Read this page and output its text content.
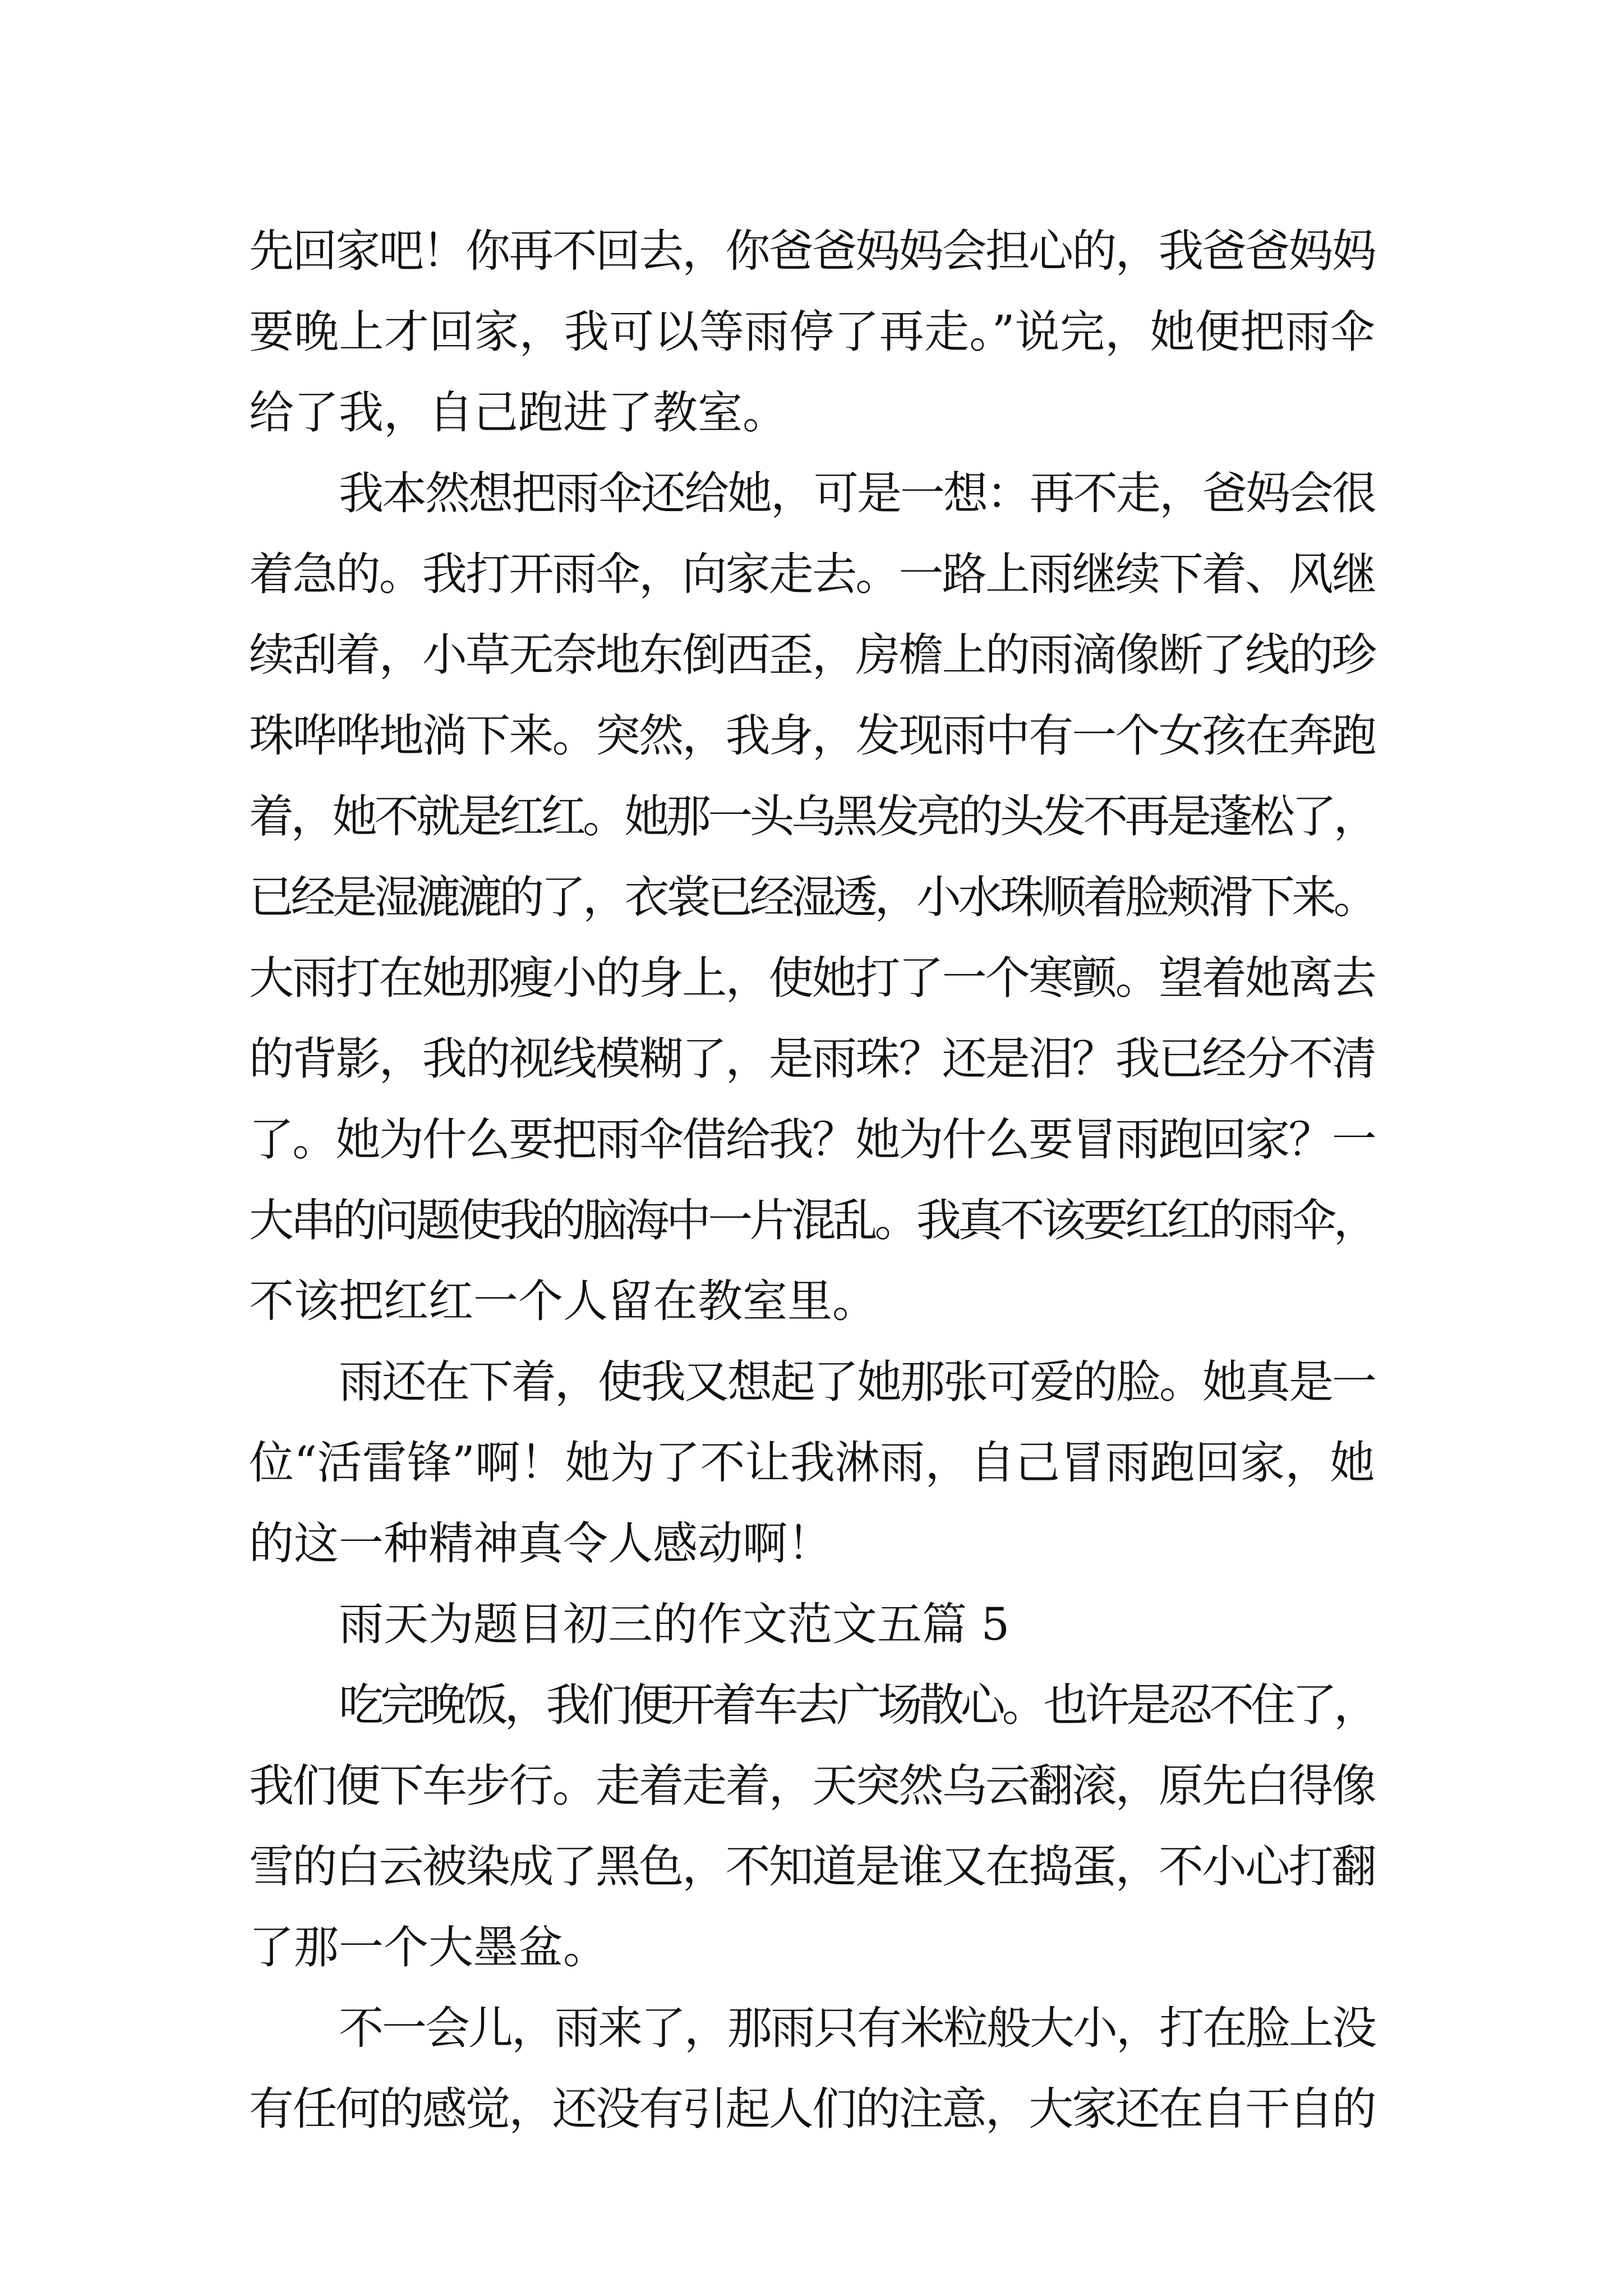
先回家吧！你再不回去，你爸爸妈妈会担心的，我爸爸妈妈
要晚上才回家，我可以等雨停了再走。”说完，她便把雨伞
给了我，自己跑进了教室。
我本然想把雨伞还给她，可是一想：再不走，爸妈会很
着急的。我打开雨伞，向家走去。一路上雨继续下着、风继
续刮着，小草无奈地东倒西歪，房檐上的雨滴像断了线的珍
珠哗哗地淌下来。突然，我身，发现雨中有一个女孩在奔跑
着，她不就是红红。她那一头乌黑发亮的头发不再是蓬松了，
已经是湿漉漉的了，衣裳已经湿透，小水珠顺着脸颊滑下来。
大雨打在她那瘦小的身上，使她打了一个寒颤。望着她离去
的背影，我的视线模糊了，是雨珠？还是泪？我已经分不清
了。她为什么要把雨伞借给我？她为什么要冒雨跑回家？一
大串的问题使我的脑海中一片混乱。我真不该要红红的雨伞，
不该把红红一个人留在教室里。
雨还在下着，使我又想起了她那张可爱的脸。她真是一
位“活雷锋”啊！她为了不让我淋雨，自己冒雨跑回家，她
的这一种精神真令人感动啊！
雨天为题目初三的作文范文五篇 5
吃完晚饭，我们便开着车去广场散心。也许是忍不住了，
我们便下车步行。走着走着，天突然乌云翻滚，原先白得像
雪的白云被染成了黑色，不知道是谁又在捣蛋，不小心打翻
了那一个大墨盆。
不一会儿，雨来了，那雨只有米粒般大小，打在脸上没
有任何的感觉，还没有引起人们的注意，大家还在自干自的
